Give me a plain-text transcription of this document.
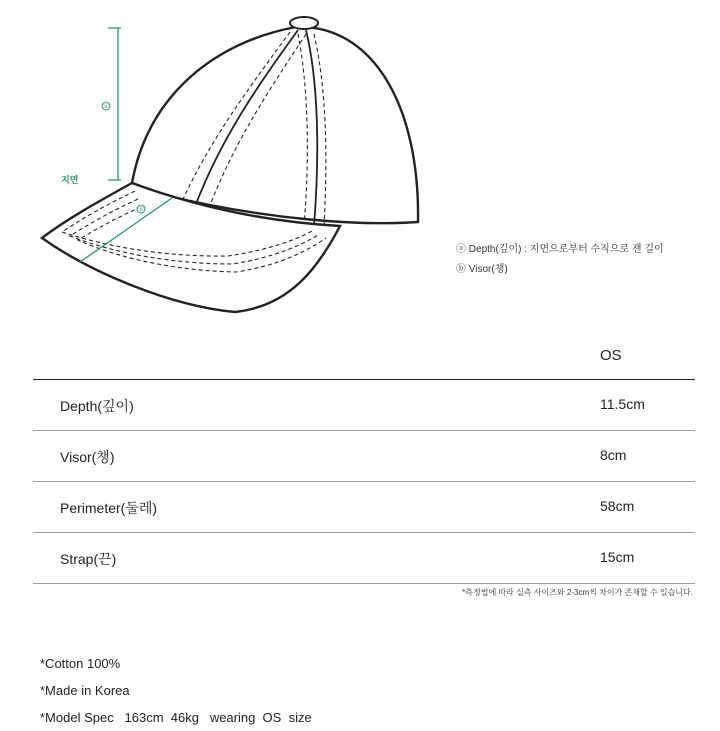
ⓐ
지면
ⓑ
ⓐ Depth(깊이) : 지면으로부터 수직으로 잰 길이
ⓑ Visor(챙)
OS
Depth(깊이)	11.5cm
Visor(챙)	8cm
Perimeter(둘레)	58cm
Strap(끈)	15cm
*측정법에 따라 실측 사이즈와 2-3cm씩 차이가 존재할 수 있습니다.
*Cotton 100%
*Made in Korea
*Model Spec   163cm  46kg   wearing  OS  size
